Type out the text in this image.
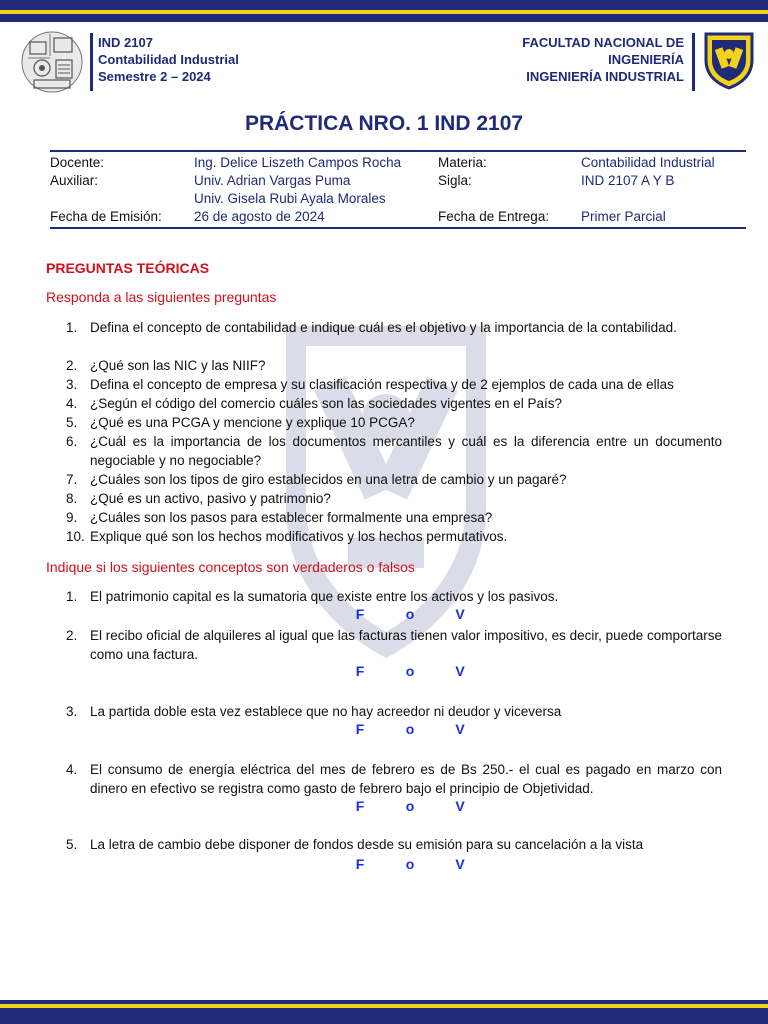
IND 2107
Contabilidad Industrial
Semestre 2 – 2024
FACULTAD NACIONAL DE
INGENIERÍA
INGENIERÍA INDUSTRIAL
PRÁCTICA NRO. 1 IND 2107
Docente:	Ing. Delice Liszeth Campos Rocha	Materia:	Contabilidad Industrial
Auxiliar:	Univ. Adrian Vargas Puma	Sigla:	IND 2107 A Y B
Univ. Gisela Rubi Ayala Morales
Fecha de Emisión:	26 de agosto de 2024	Fecha de Entrega:	Primer Parcial
PREGUNTAS TEÓRICAS
Responda a las siguientes preguntas
1. Defina el concepto de contabilidad e indique cuál es el objetivo y la importancia de la contabilidad.
2. ¿Qué son las NIC y las NIIF?
3. Defina el concepto de empresa y su clasificación respectiva y de 2 ejemplos de cada una de ellas
4. ¿Según el código del comercio cuáles son las sociedades vigentes en el País?
5. ¿Qué es una PCGA y mencione y explique 10 PCGA?
6. ¿Cuál es la importancia de los documentos mercantiles y cuál es la diferencia entre un documento negociable y no negociable?
7. ¿Cuáles son los tipos de giro establecidos en una letra de cambio y un pagaré?
8. ¿Qué es un activo, pasivo y patrimonio?
9. ¿Cuáles son los pasos para establecer formalmente una empresa?
10. Explique qué son los hechos modificativos y los hechos permutativos.
Indique si los siguientes conceptos son verdaderos o falsos
1. El patrimonio capital es la sumatoria que existe entre los activos y los pasivos.
F	o	V
2. El recibo oficial de alquileres al igual que las facturas tienen valor impositivo, es decir, puede comportarse como una factura.
F	o	V
3. La partida doble esta vez establece que no hay acreedor ni deudor y viceversa
F	o	V
4. El consumo de energía eléctrica del mes de febrero es de Bs 250.- el cual es pagado en marzo con dinero en efectivo se registra como gasto de febrero bajo el principio de Objetividad.
F	o	V
5. La letra de cambio debe disponer de fondos desde su emisión para su cancelación a la vista
F	o	V
